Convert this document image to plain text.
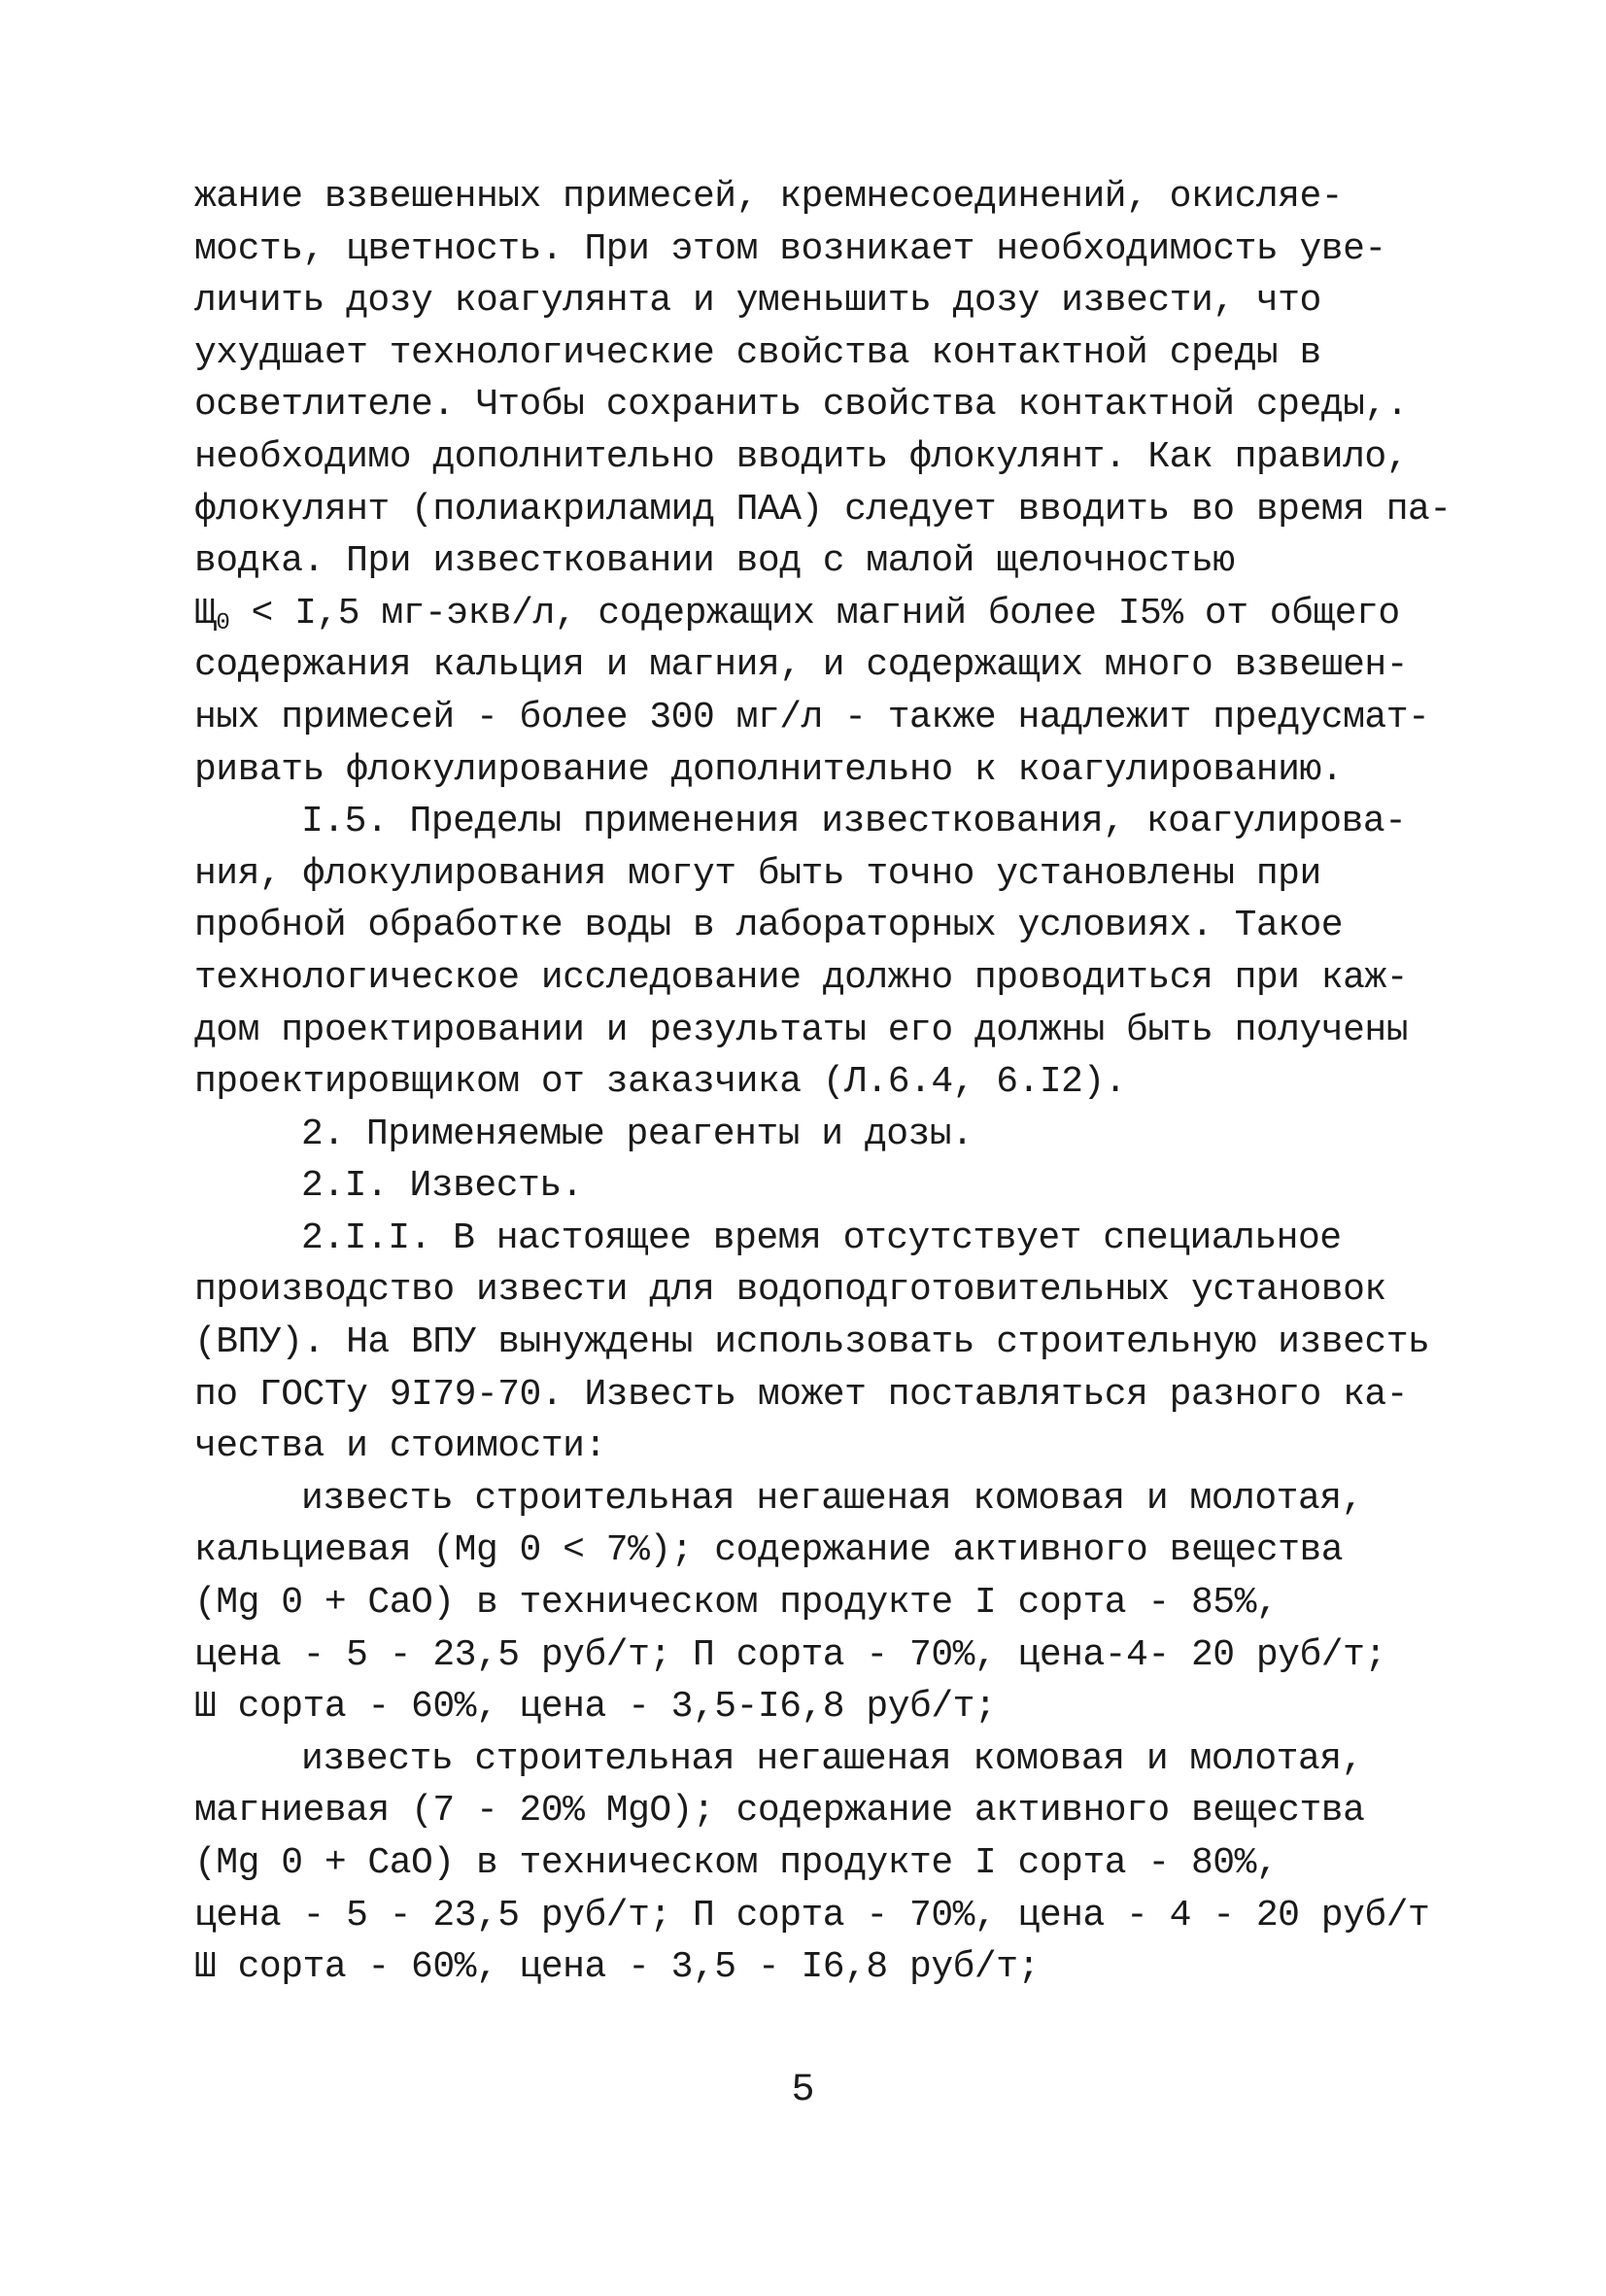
жание взвешенных примесей, кремнесоединений, окисляе-
мость, цветность. При этом возникает необходимость уве-
личить дозу коагулянта и уменьшить дозу извести, что
ухудшает технологические свойства контактной среды в
осветлителе. Чтобы сохранить свойства контактной среды,.
необходимо дополнительно вводить флокулянт. Как правило,
флокулянт (полиакриламид ПАА) следует вводить во время па-
водка. При известковании вод с малой щелочностью
$Щ_0 < I,5$ мг-экв/л, содержащих магний более I5% от общего
содержания кальция и магния, и содержащих много взвешен-
ных примесей - более 300 мг/л - также надлежит предусмат-
ривать флокулирование дополнительно к коагулированию.
I.5. Пределы применения известкования, коагулирова-
ния, флокулирования могут быть точно установлены при
пробной обработке воды в лабораторных условиях. Такое
технологическое исследование должно проводиться при каж-
дом проектировании и результаты его должны быть получены
проектировщиком от заказчика (Л.6.4, 6.I2).
2. Применяемые реагенты и дозы.
2.I. Известь.
2.I.I. В настоящее время отсутствует специальное
производство извести для водоподготовительных установок
(ВПУ). На ВПУ вынуждены использовать строительную известь
по ГОСТу 9I79-70. Известь может поставляться разного ка-
чества и стоимости:
известь строительная негашеная комовая и молотая,
кальциевая (Mg 0 < 7%); содержание активного вещества
(Mg 0 + CaO) в техническом продукте I сорта - 85%,
цена - 5 - 23,5 руб/т; П сорта - 70%, цена-4- 20 руб/т;
Ш сорта - 60%, цена - 3,5-I6,8 руб/т;
известь строительная негашеная комовая и молотая,
магниевая (7 - 20% MgO); содержание активного вещества
(Mg 0 + CaO) в техническом продукте I сорта - 80%,
цена - 5 - 23,5 руб/т; П сорта - 70%, цена - 4 - 20 руб/т
Ш сорта - 60%, цена - 3,5 - I6,8 руб/т;
5
